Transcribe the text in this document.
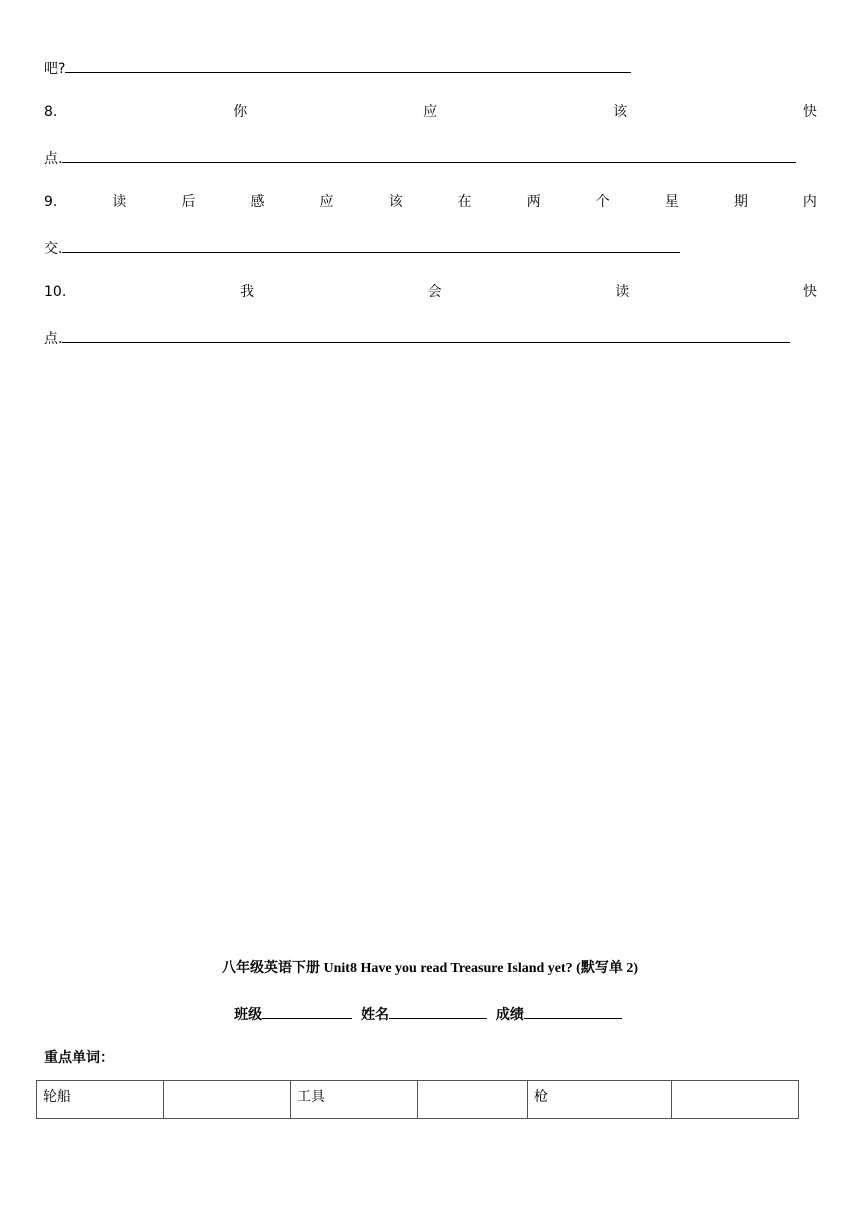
吧?
8.	你	应	该	快
点.
9.	读	后	感	应	该	在	两	个	星	期	内
交.
10.	我	会	读	快
点.
八年级英语下册 Unit8 Have you read Treasure Island yet? (默写单 2)
班级	姓名	成绩
重点单词：
轮船		工具		枪	
